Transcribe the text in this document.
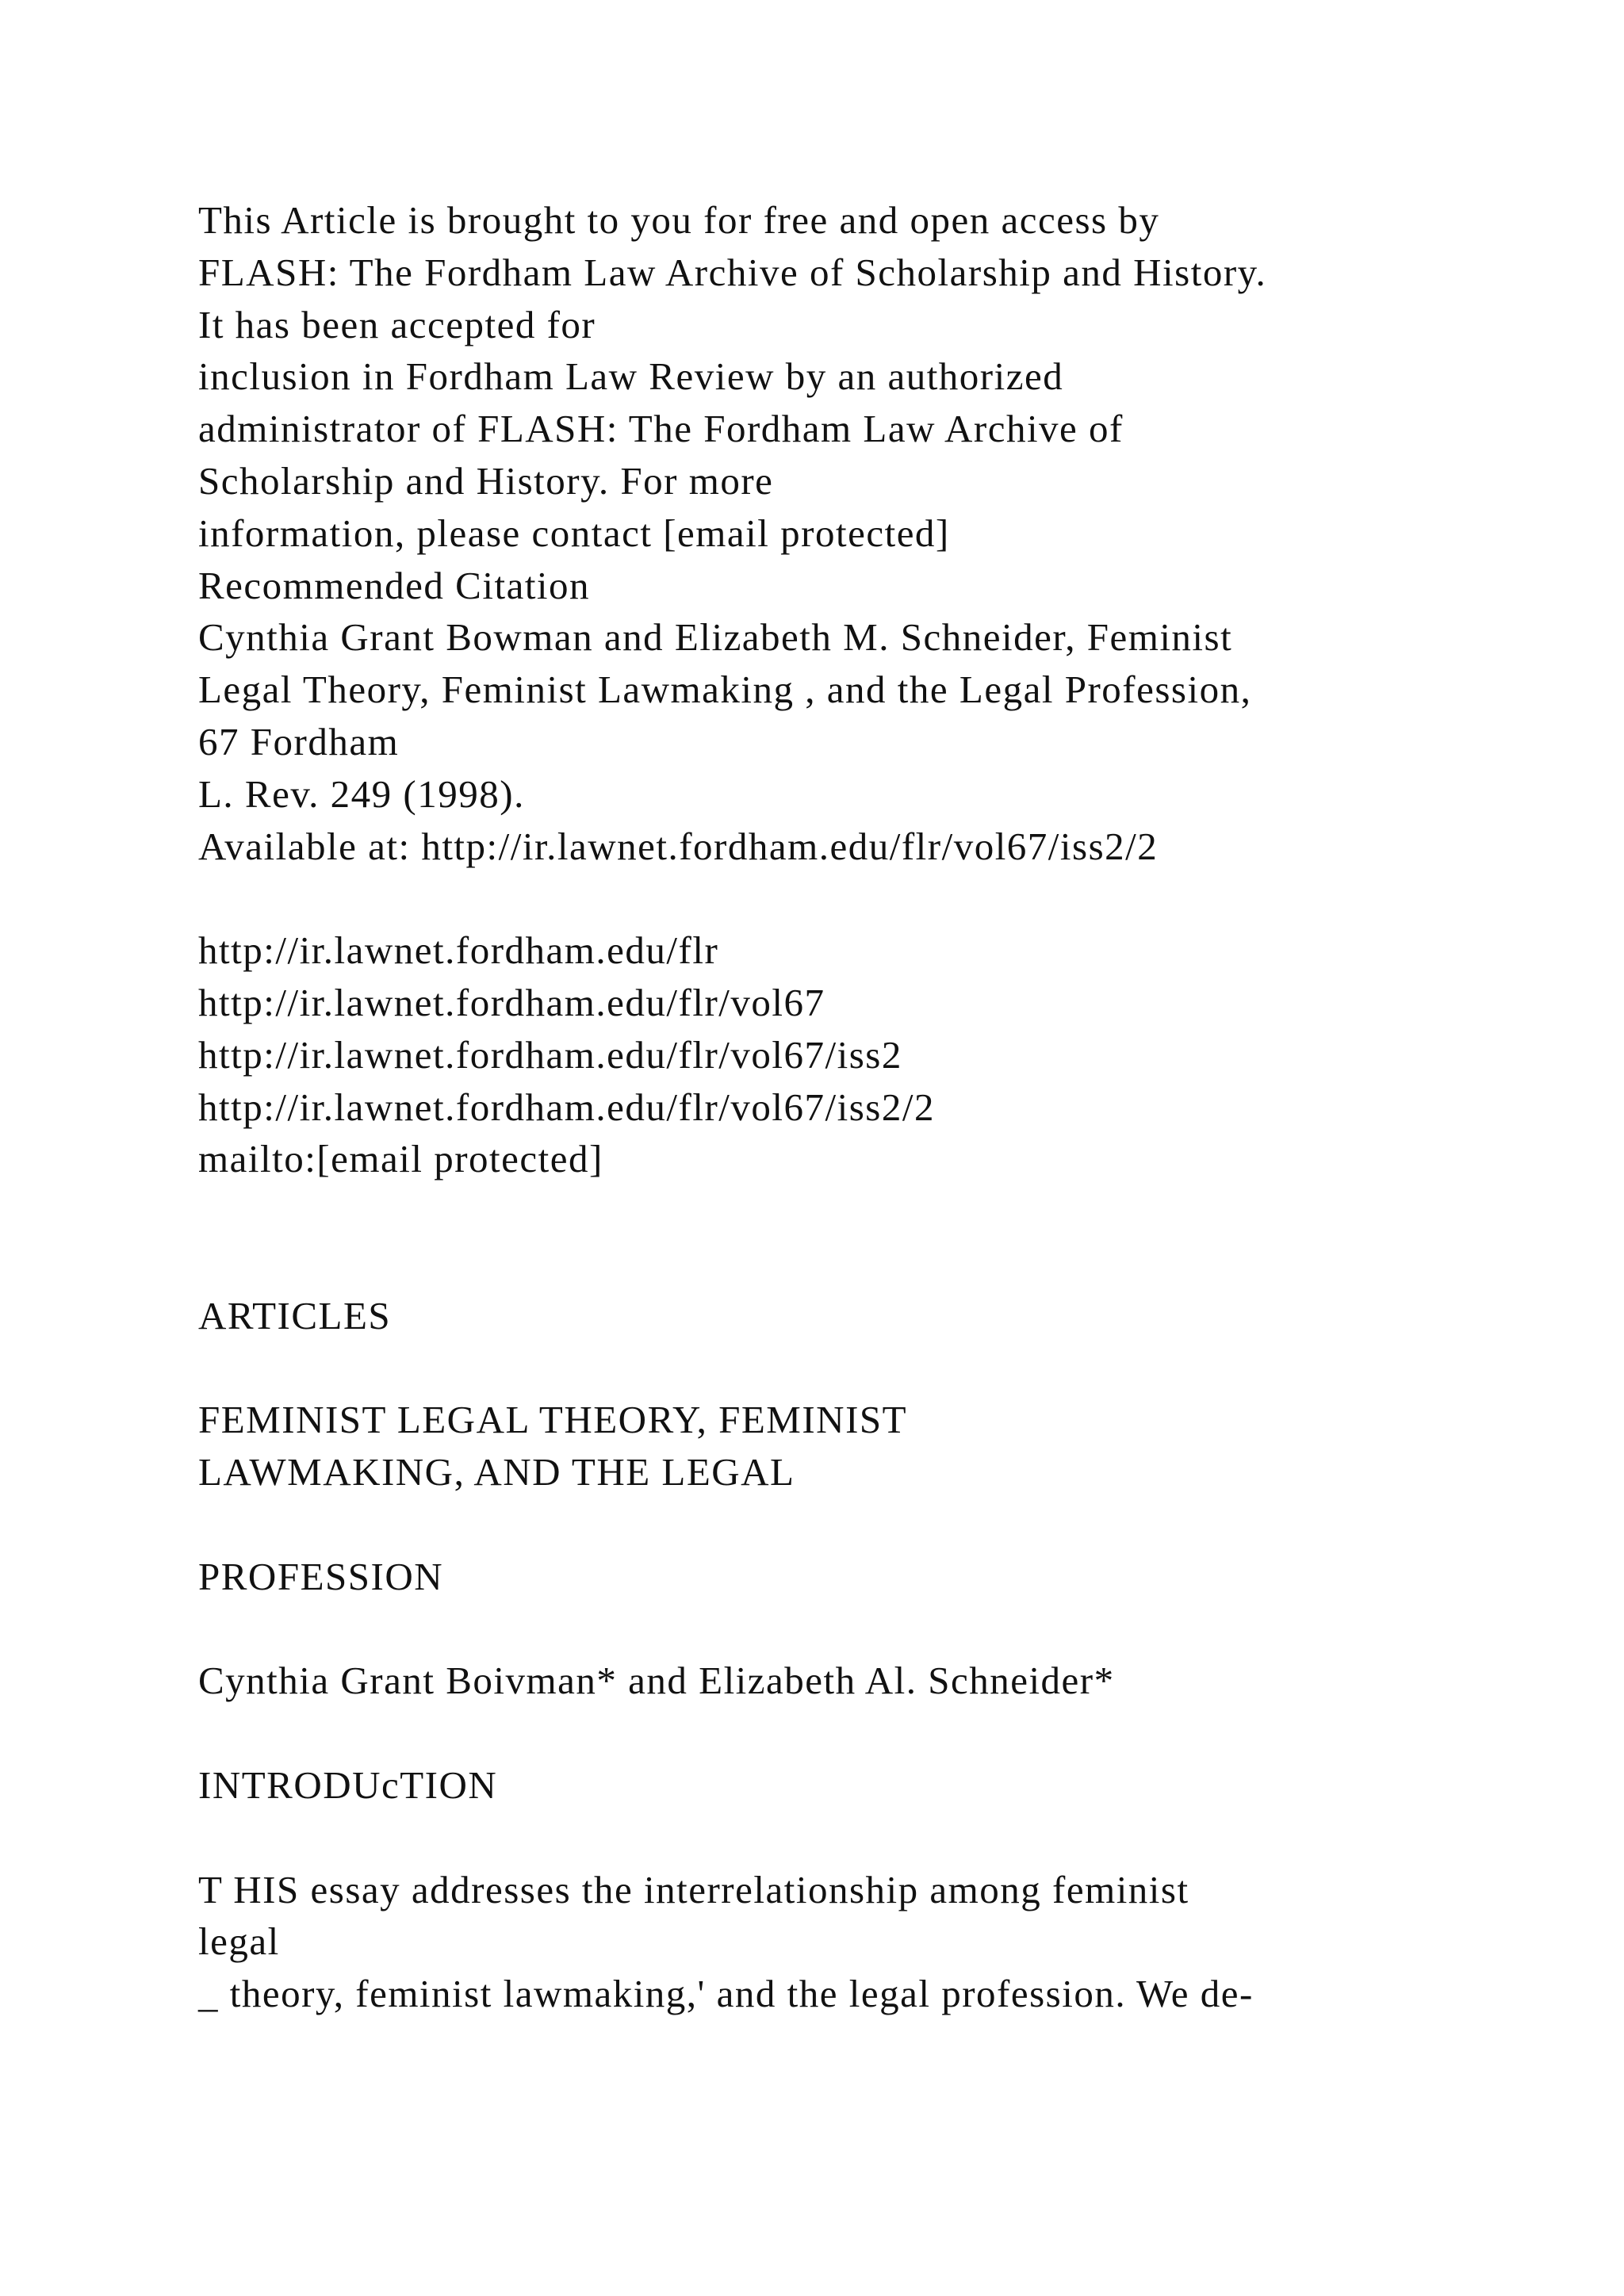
This Article is brought to you for free and open access by
FLASH: The Fordham Law Archive of Scholarship and History.
It has been accepted for
inclusion in Fordham Law Review by an authorized
administrator of FLASH: The Fordham Law Archive of
Scholarship and History. For more
information, please contact [email protected]
Recommended Citation
Cynthia Grant Bowman and Elizabeth M. Schneider, Feminist
Legal Theory, Feminist Lawmaking , and the Legal Profession,
67 Fordham
L. Rev. 249 (1998).
Available at: http://ir.lawnet.fordham.edu/flr/vol67/iss2/2
http://ir.lawnet.fordham.edu/flr
http://ir.lawnet.fordham.edu/flr/vol67
http://ir.lawnet.fordham.edu/flr/vol67/iss2
http://ir.lawnet.fordham.edu/flr/vol67/iss2/2
mailto:[email protected]
ARTICLES
FEMINIST LEGAL THEORY, FEMINIST
LAWMAKING, AND THE LEGAL
PROFESSION
Cynthia Grant Boivman* and Elizabeth Al. Schneider*
INTRODUcTION
T HIS essay addresses the interrelationship among feminist
legal
_ theory, feminist lawmaking,' and the legal profession. We de-
